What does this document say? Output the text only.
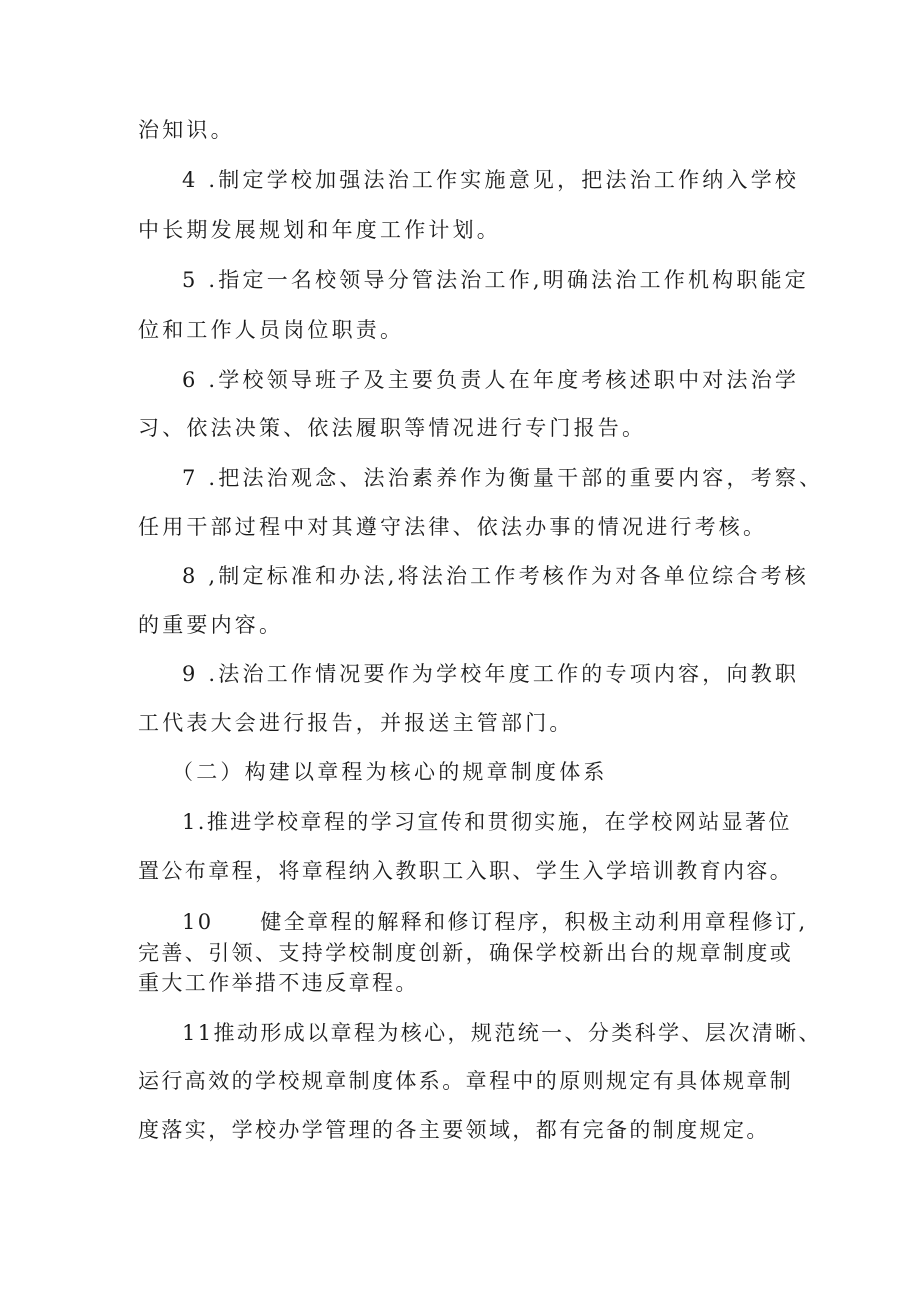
治知识。
4 .制定学校加强法治工作实施意见，把法治工作纳入学校
中长期发展规划和年度工作计划。
5 .指定一名校领导分管法治工作,明确法治工作机构职能定
位和工作人员岗位职责。
6 .学校领导班子及主要负责人在年度考核述职中对法治学
习、依法决策、依法履职等情况进行专门报告。
7 .把法治观念、法治素养作为衡量干部的重要内容，考察、
任用干部过程中对其遵守法律、依法办事的情况进行考核。
8 ,制定标准和办法,将法治工作考核作为对各单位综合考核
的重要内容。
9 .法治工作情况要作为学校年度工作的专项内容，向教职
工代表大会进行报告，并报送主管部门。
（二）构建以章程为核心的规章制度体系
1.推进学校章程的学习宣传和贯彻实施，在学校网站显著位
置公布章程，将章程纳入教职工入职、学生入学培训教育内容。
10　　健全章程的解释和修订程序，积极主动利用章程修订,
完善、引领、支持学校制度创新，确保学校新出台的规章制度或
重大工作举措不违反章程。
11推动形成以章程为核心，规范统一、分类科学、层次清晰、
运行高效的学校规章制度体系。章程中的原则规定有具体规章制
度落实，学校办学管理的各主要领域，都有完备的制度规定。
